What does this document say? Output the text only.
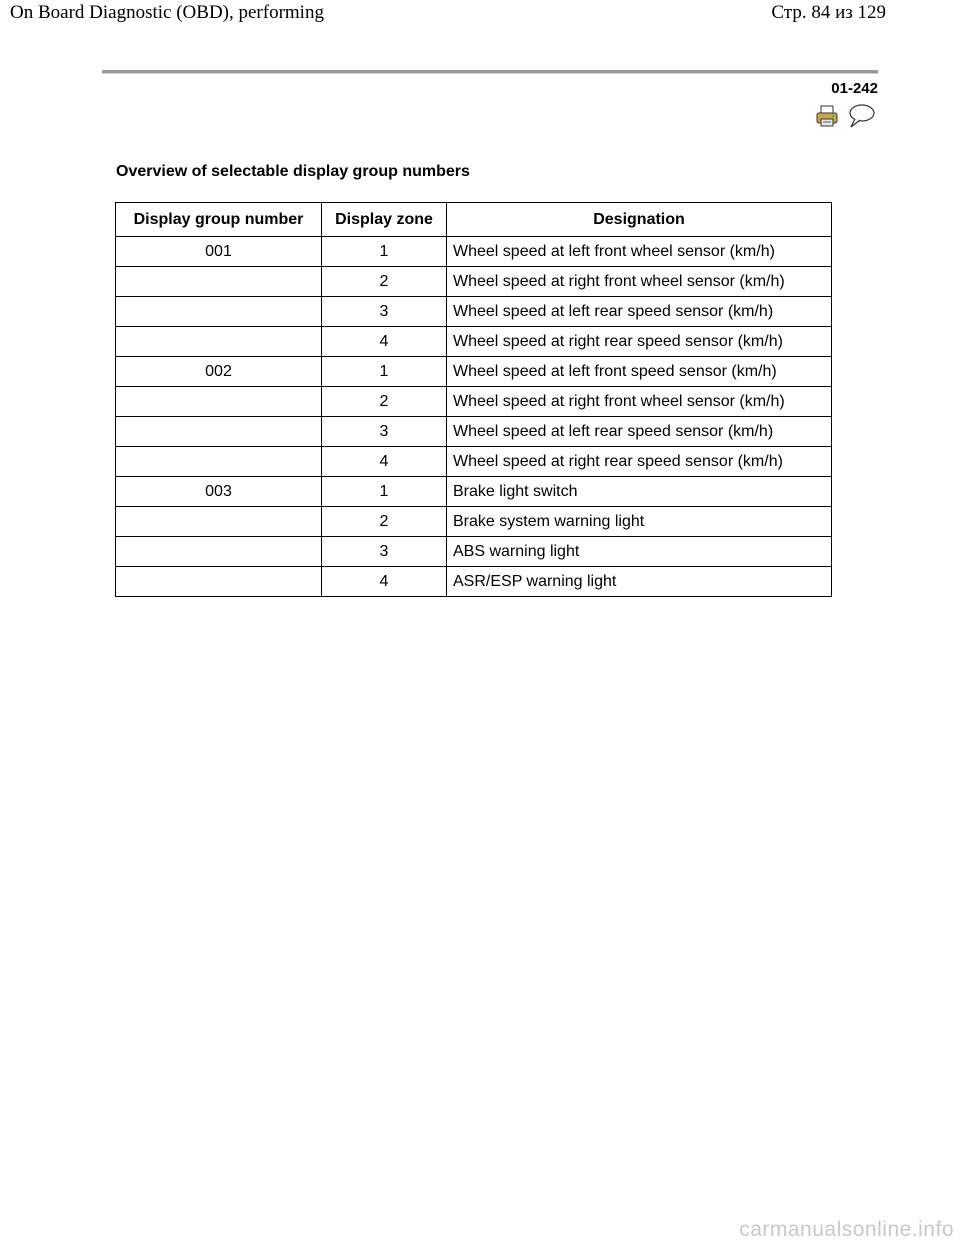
On Board Diagnostic (OBD), performing	Стр. 84 из 129
01-242
Overview of selectable display group numbers
Display group number	Display zone	Designation
001	1	Wheel speed at left front wheel sensor (km/h)
	2	Wheel speed at right front wheel sensor (km/h)
	3	Wheel speed at left rear speed sensor (km/h)
	4	Wheel speed at right rear speed sensor (km/h)
002	1	Wheel speed at left front speed sensor (km/h)
	2	Wheel speed at right front wheel sensor (km/h)
	3	Wheel speed at left rear speed sensor (km/h)
	4	Wheel speed at right rear speed sensor (km/h)
003	1	Brake light switch
	2	Brake system warning light
	3	ABS warning light
	4	ASR/ESP warning light
carmanualsonline.info
